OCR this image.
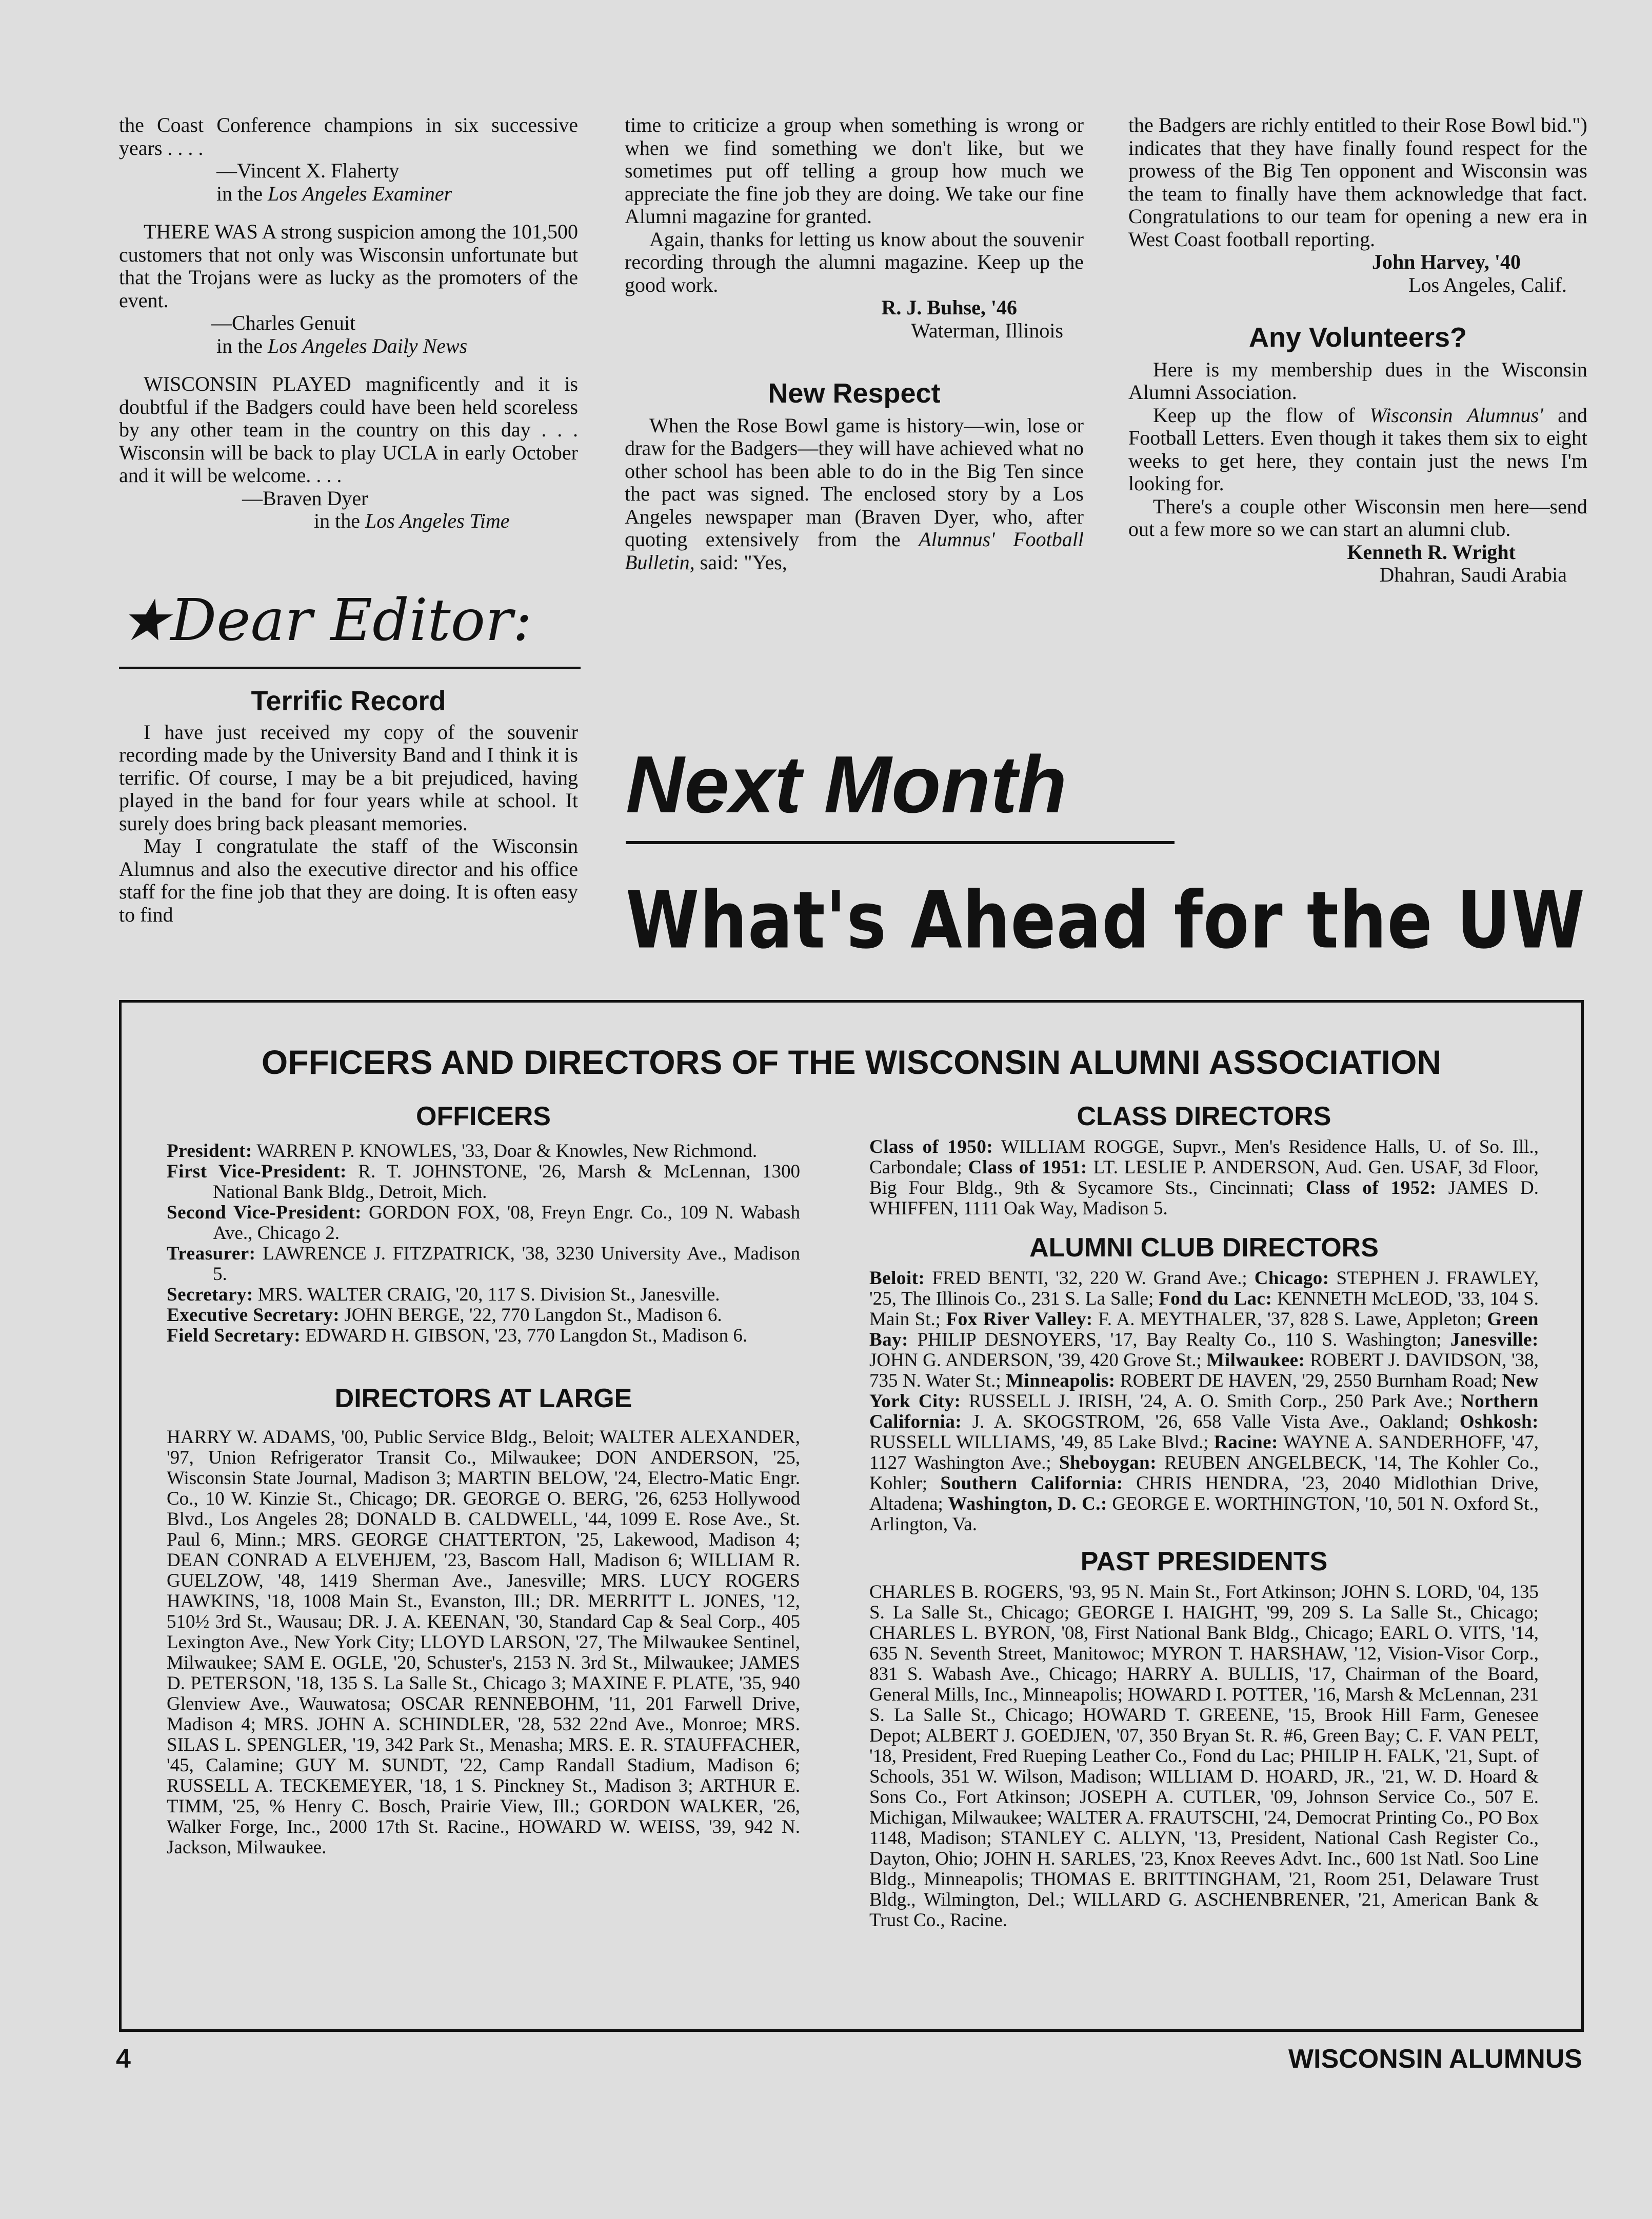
the Coast Conference champions in six successive years . . . .

—Vincent X. Flaherty

in the Los Angeles Examiner

THERE WAS A strong suspicion among the 101,500 customers that not only was Wisconsin unfortunate but that the Trojans were as lucky as the promoters of the event.

—Charles Genuit

in the Los Angeles Daily News

WISCONSIN PLAYED magnificently and it is doubtful if the Badgers could have been held scoreless by any other team in the country on this day . . . Wisconsin will be back to play UCLA in early October and it will be welcome. . . .

—Braven Dyer

in the Los Angeles Time

★Dear Editor:

Terrific Record

I have just received my copy of the souvenir recording made by the University Band and I think it is terrific. Of course, I may be a bit prejudiced, having played in the band for four years while at school. It surely does bring back pleasant memories.

May I congratulate the staff of the Wisconsin Alumnus and also the executive director and his office staff for the fine job that they are doing. It is often easy to find

time to criticize a group when something is wrong or when we find something we don't like, but we sometimes put off telling a group how much we appreciate the fine job they are doing. We take our fine Alumni magazine for granted.

Again, thanks for letting us know about the souvenir recording through the alumni magazine. Keep up the good work.

R. J. Buhse, '46

Waterman, Illinois

New Respect

When the Rose Bowl game is history—win, lose or draw for the Badgers—they will have achieved what no other school has been able to do in the Big Ten since the pact was signed. The enclosed story by a Los Angeles newspaper man (Braven Dyer, who, after quoting extensively from the Alumnus' Football Bulletin, said: "Yes,

the Badgers are richly entitled to their Rose Bowl bid.") indicates that they have finally found respect for the prowess of the Big Ten opponent and Wisconsin was the team to finally have them acknowledge that fact. Congratulations to our team for opening a new era in West Coast football reporting.

John Harvey, '40

Los Angeles, Calif.

Any Volunteers?

Here is my membership dues in the Wisconsin Alumni Association.

Keep up the flow of Wisconsin Alumnus' and Football Letters. Even though it takes them six to eight weeks to get here, they contain just the news I'm looking for.

There's a couple other Wisconsin men here—send out a few more so we can start an alumni club.

Kenneth R. Wright

Dhahran, Saudi Arabia

Next Month
What's Ahead for the UW
OFFICERS AND DIRECTORS OF THE WISCONSIN ALUMNI ASSOCIATION

OFFICERS

President: WARREN P. KNOWLES, '33, Doar & Knowles, New Richmond.

First Vice-President: R. T. JOHNSTONE, '26, Marsh & McLennan, 1300 National Bank Bldg., Detroit, Mich.

Second Vice-President: GORDON FOX, '08, Freyn Engr. Co., 109 N. Wabash Ave., Chicago 2.

Treasurer: LAWRENCE J. FITZPATRICK, '38, 3230 University Ave., Madison 5.

Secretary: MRS. WALTER CRAIG, '20, 117 S. Division St., Janesville.

Executive Secretary: JOHN BERGE, '22, 770 Langdon St., Madison 6.

Field Secretary: EDWARD H. GIBSON, '23, 770 Langdon St., Madison 6.

DIRECTORS AT LARGE

HARRY W. ADAMS, '00, Public Service Bldg., Beloit; WALTER ALEXANDER, '97, Union Refrigerator Transit Co., Milwaukee; DON ANDERSON, '25, Wisconsin State Journal, Madison 3; MARTIN BELOW, '24, Electro-Matic Engr. Co., 10 W. Kinzie St., Chicago; DR. GEORGE O. BERG, '26, 6253 Hollywood Blvd., Los Angeles 28; DONALD B. CALDWELL, '44, 1099 E. Rose Ave., St. Paul 6, Minn.; MRS. GEORGE CHATTERTON, '25, Lakewood, Madison 4; DEAN CONRAD A ELVEHJEM, '23, Bascom Hall, Madison 6; WILLIAM R. GUELZOW, '48, 1419 Sherman Ave., Janesville; MRS. LUCY ROGERS HAWKINS, '18, 1008 Main St., Evanston, Ill.; DR. MERRITT L. JONES, '12, 510½ 3rd St., Wausau; DR. J. A. KEENAN, '30, Standard Cap & Seal Corp., 405 Lexington Ave., New York City; LLOYD LARSON, '27, The Milwaukee Sentinel, Milwaukee; SAM E. OGLE, '20, Schuster's, 2153 N. 3rd St., Milwaukee; JAMES D. PETERSON, '18, 135 S. La Salle St., Chicago 3; MAXINE F. PLATE, '35, 940 Glenview Ave., Wauwatosa; OSCAR RENNEBOHM, '11, 201 Farwell Drive, Madison 4; MRS. JOHN A. SCHINDLER, '28, 532 22nd Ave., Monroe; MRS. SILAS L. SPENGLER, '19, 342 Park St., Menasha; MRS. E. R. STAUFFACHER, '45, Calamine; GUY M. SUNDT, '22, Camp Randall Stadium, Madison 6; RUSSELL A. TECKEMEYER, '18, 1 S. Pinckney St., Madison 3; ARTHUR E. TIMM, '25, % Henry C. Bosch, Prairie View, Ill.; GORDON WALKER, '26, Walker Forge, Inc., 2000 17th St. Racine., HOWARD W. WEISS, '39, 942 N. Jackson, Milwaukee.

CLASS DIRECTORS

Class of 1950: WILLIAM ROGGE, Supvr., Men's Residence Halls, U. of So. Ill., Carbondale; Class of 1951: LT. LESLIE P. ANDERSON, Aud. Gen. USAF, 3d Floor, Big Four Bldg., 9th & Sycamore Sts., Cincinnati; Class of 1952: JAMES D. WHIFFEN, 1111 Oak Way, Madison 5.

ALUMNI CLUB DIRECTORS

Beloit: FRED BENTI, '32, 220 W. Grand Ave.; Chicago: STEPHEN J. FRAWLEY, '25, The Illinois Co., 231 S. La Salle; Fond du Lac: KENNETH McLEOD, '33, 104 S. Main St.; Fox River Valley: F. A. MEYTHALER, '37, 828 S. Lawe, Appleton; Green Bay: PHILIP DESNOYERS, '17, Bay Realty Co., 110 S. Washington; Janesville: JOHN G. ANDERSON, '39, 420 Grove St.; Milwaukee: ROBERT J. DAVIDSON, '38, 735 N. Water St.; Minneapolis: ROBERT DE HAVEN, '29, 2550 Burnham Road; New York City: RUSSELL J. IRISH, '24, A. O. Smith Corp., 250 Park Ave.; Northern California: J. A. SKOGSTROM, '26, 658 Valle Vista Ave., Oakland; Oshkosh: RUSSELL WILLIAMS, '49, 85 Lake Blvd.; Racine: WAYNE A. SANDERHOFF, '47, 1127 Washington Ave.; Sheboygan: REUBEN ANGELBECK, '14, The Kohler Co., Kohler; Southern California: CHRIS HENDRA, '23, 2040 Midlothian Drive, Altadena; Washington, D. C.: GEORGE E. WORTHINGTON, '10, 501 N. Oxford St., Arlington, Va.

PAST PRESIDENTS

CHARLES B. ROGERS, '93, 95 N. Main St., Fort Atkinson; JOHN S. LORD, '04, 135 S. La Salle St., Chicago; GEORGE I. HAIGHT, '99, 209 S. La Salle St., Chicago; CHARLES L. BYRON, '08, First National Bank Bldg., Chicago; EARL O. VITS, '14, 635 N. Seventh Street, Manitowoc; MYRON T. HARSHAW, '12, Vision-Visor Corp., 831 S. Wabash Ave., Chicago; HARRY A. BULLIS, '17, Chairman of the Board, General Mills, Inc., Minneapolis; HOWARD I. POTTER, '16, Marsh & McLennan, 231 S. La Salle St., Chicago; HOWARD T. GREENE, '15, Brook Hill Farm, Genesee Depot; ALBERT J. GOEDJEN, '07, 350 Bryan St. R. #6, Green Bay; C. F. VAN PELT, '18, President, Fred Rueping Leather Co., Fond du Lac; PHILIP H. FALK, '21, Supt. of Schools, 351 W. Wilson, Madison; WILLIAM D. HOARD, JR., '21, W. D. Hoard & Sons Co., Fort Atkinson; JOSEPH A. CUTLER, '09, Johnson Service Co., 507 E. Michigan, Milwaukee; WALTER A. FRAUTSCHI, '24, Democrat Printing Co., PO Box 1148, Madison; STANLEY C. ALLYN, '13, President, National Cash Register Co., Dayton, Ohio; JOHN H. SARLES, '23, Knox Reeves Advt. Inc., 600 1st Natl. Soo Line Bldg., Minneapolis; THOMAS E. BRITTINGHAM, '21, Room 251, Delaware Trust Bldg., Wilmington, Del.; WILLARD G. ASCHENBRENER, '21, American Bank & Trust Co., Racine.

4	WISCONSIN ALUMNUS
